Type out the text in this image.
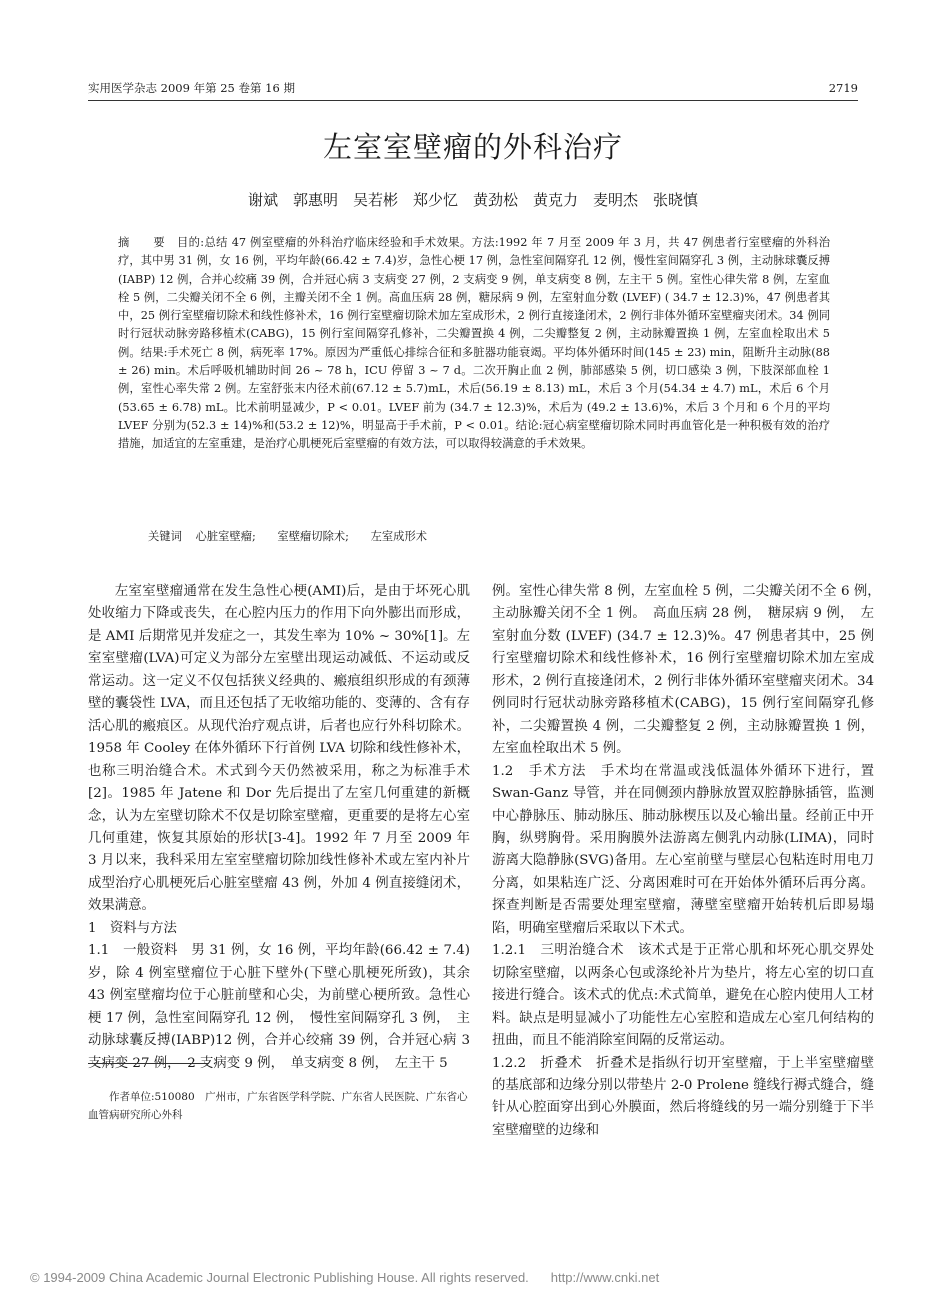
实用医学杂志 2009 年第 25 卷第 16 期	2719
左室室壁瘤的外科治疗
谢斌　郭惠明　吴若彬　郑少忆　黄劲松　黄克力　麦明杰　张晓慎
摘　要 目的:总结 47 例室壁瘤的外科治疗临床经验和手术效果。方法:1992 年 7 月至 2009 年 3 月，共 47 例患者行室壁瘤的外科治疗，其中男 31 例，女 16 例，平均年龄(66.42 ± 7.4)岁，急性心梗 17 例，急性室间隔穿孔 12 例，慢性室间隔穿孔 3 例，主动脉球囊反搏(IABP) 12 例，合并心绞痛 39 例，合并冠心病 3 支病变 27 例，2 支病变 9 例，单支病变 8 例，左主干 5 例。室性心律失常 8 例，左室血栓 5 例，二尖瓣关闭不全 6 例，主瓣关闭不全 1 例。高血压病 28 例，糖尿病 9 例，左室射血分数 (LVEF) ( 34.7 ± 12.3)%，47 例患者其中，25 例行室壁瘤切除术和线性修补术，16 例行室壁瘤切除术加左室成形术，2 例行直接逢闭术，2 例行非体外循环室壁瘤夹闭术。34 例同时行冠状动脉旁路移植术(CABG)，15 例行室间隔穿孔修补，二尖瓣置换 4 例，二尖瓣整复 2 例，主动脉瓣置换 1 例，左室血栓取出术 5 例。结果:手术死亡 8 例，病死率 17%。原因为严重低心排综合征和多脏器功能衰竭。平均体外循环时间(145 ± 23) min，阻断升主动脉(88 ± 26) min。术后呼吸机辅助时间 26 ~ 78 h，ICU 停留 3 ~ 7 d。二次开胸止血 2 例，肺部感染 5 例，切口感染 3 例，下肢深部血栓 1 例，室性心率失常 2 例。左室舒张末内径术前(67.12 ± 5.7)mL，术后(56.19 ± 8.13) mL，术后 3 个月(54.34 ± 4.7) mL，术后 6 个月(53.65 ± 6.78) mL。比术前明显减少，P < 0.01。LVEF 前为 (34.7 ± 12.3)%，术后为 (49.2 ± 13.6)%，术后 3 个月和 6 个月的平均 LVEF 分别为(52.3 ± 14)%和(53.2 ± 12)%，明显高于手术前，P < 0.01。结论:冠心病室壁瘤切除术同时再血管化是一种积极有效的治疗措施，加适宜的左室重建，是治疗心肌梗死后室壁瘤的有效方法，可以取得较满意的手术效果。
关键词 心脏室壁瘤; 室壁瘤切除术; 左室成形术

左室室壁瘤通常在发生急性心梗(AMI)后，是由于坏死心肌处收缩力下降或丧失，在心腔内压力的作用下向外膨出而形成，是 AMI 后期常见并发症之一，其发生率为 10% ~ 30%[1]。左室室壁瘤(LVA)可定义为部分左室壁出现运动减低、不运动或反常运动。这一定义不仅包括狭义经典的、瘢痕组织形成的有颈薄壁的囊袋性 LVA，而且还包括了无收缩功能的、变薄的、含有存活心肌的瘢痕区。从现代治疗观点讲，后者也应行外科切除术。1958 年 Cooley 在体外循环下行首例 LVA 切除和线性修补术，也称三明治缝合术。术式到今天仍然被采用，称之为标准手术[2]。1985 年 Jatene 和 Dor 先后提出了左室几何重建的新概念，认为左室壁切除术不仅是切除室壁瘤，更重要的是将左心室几何重建，恢复其原始的形状[3-4]。1992 年 7 月至 2009 年 3 月以来，我科采用左室室壁瘤切除加线性修补术或左室内补片成型治疗心肌梗死后心脏室壁瘤 43 例，外加 4 例直接缝闭术，效果满意。

1　资料与方法

1.1　一般资料　男 31 例，女 16 例，平均年龄(66.42 ± 7.4)岁，除 4 例室壁瘤位于心脏下壁外(下壁心肌梗死所致)，其余 43 例室壁瘤均位于心脏前壁和心尖，为前壁心梗所致。急性心梗 17 例，急性室间隔穿孔 12 例，　慢性室间隔穿孔 3 例，　主动脉球囊反搏(IABP)12 例，合并心绞痛 39 例，合并冠心病 3 支病变 27 例，　2 支病变 9 例，　单支病变 8 例，　左主干 5

例。室性心律失常 8 例，左室血栓 5 例，二尖瓣关闭不全 6 例，　主动脉瓣关闭不全 1 例。　高血压病 28 例，　糖尿病 9 例，　左室射血分数 (LVEF) (34.7 ± 12.3)%。47 例患者其中，25 例行室壁瘤切除术和线性修补术，16 例行室壁瘤切除术加左室成形术，2 例行直接逢闭术，2 例行非体外循环室壁瘤夹闭术。34 例同时行冠状动脉旁路移植术(CABG)，15 例行室间隔穿孔修补，二尖瓣置换 4 例，二尖瓣整复 2 例，主动脉瓣置换 1 例，左室血栓取出术 5 例。

1.2　手术方法　手术均在常温或浅低温体外循环下进行，置 Swan-Ganz 导管，并在同侧颈内静脉放置双腔静脉插管，监测中心静脉压、肺动脉压、肺动脉楔压以及心输出量。经前正中开胸，纵劈胸骨。采用胸膜外法游离左侧乳内动脉(LIMA)，同时游离大隐静脉(SVG)备用。左心室前壁与壁层心包粘连时用电刀分离，如果粘连广泛、分离困难时可在开始体外循环后再分离。探查判断是否需要处理室壁瘤，薄壁室壁瘤开始转机后即易塌陷，明确室壁瘤后采取以下术式。

1.2.1　三明治缝合术　该术式是于正常心肌和坏死心肌交界处切除室壁瘤，以两条心包或涤纶补片为垫片，将左心室的切口直接进行缝合。该术式的优点:术式简单，避免在心腔内使用人工材料。缺点是明显减小了功能性左心室腔和造成左心室几何结构的扭曲，而且不能消除室间隔的反常运动。

1.2.2　折叠术　折叠术是指纵行切开室壁瘤，于上半室壁瘤壁的基底部和边缘分别以带垫片 2-0 Prolene 缝线行褥式缝合，缝针从心腔面穿出到心外膜面，然后将缝线的另一端分别缝于下半室壁瘤壁的边缘和

作者单位:510080　广州市，广东省医学科学院、广东省人民医院、广东省心血管病研究所心外科
© 1994-2009 China Academic Journal Electronic Publishing House. All rights reserved. http://www.cnki.net
